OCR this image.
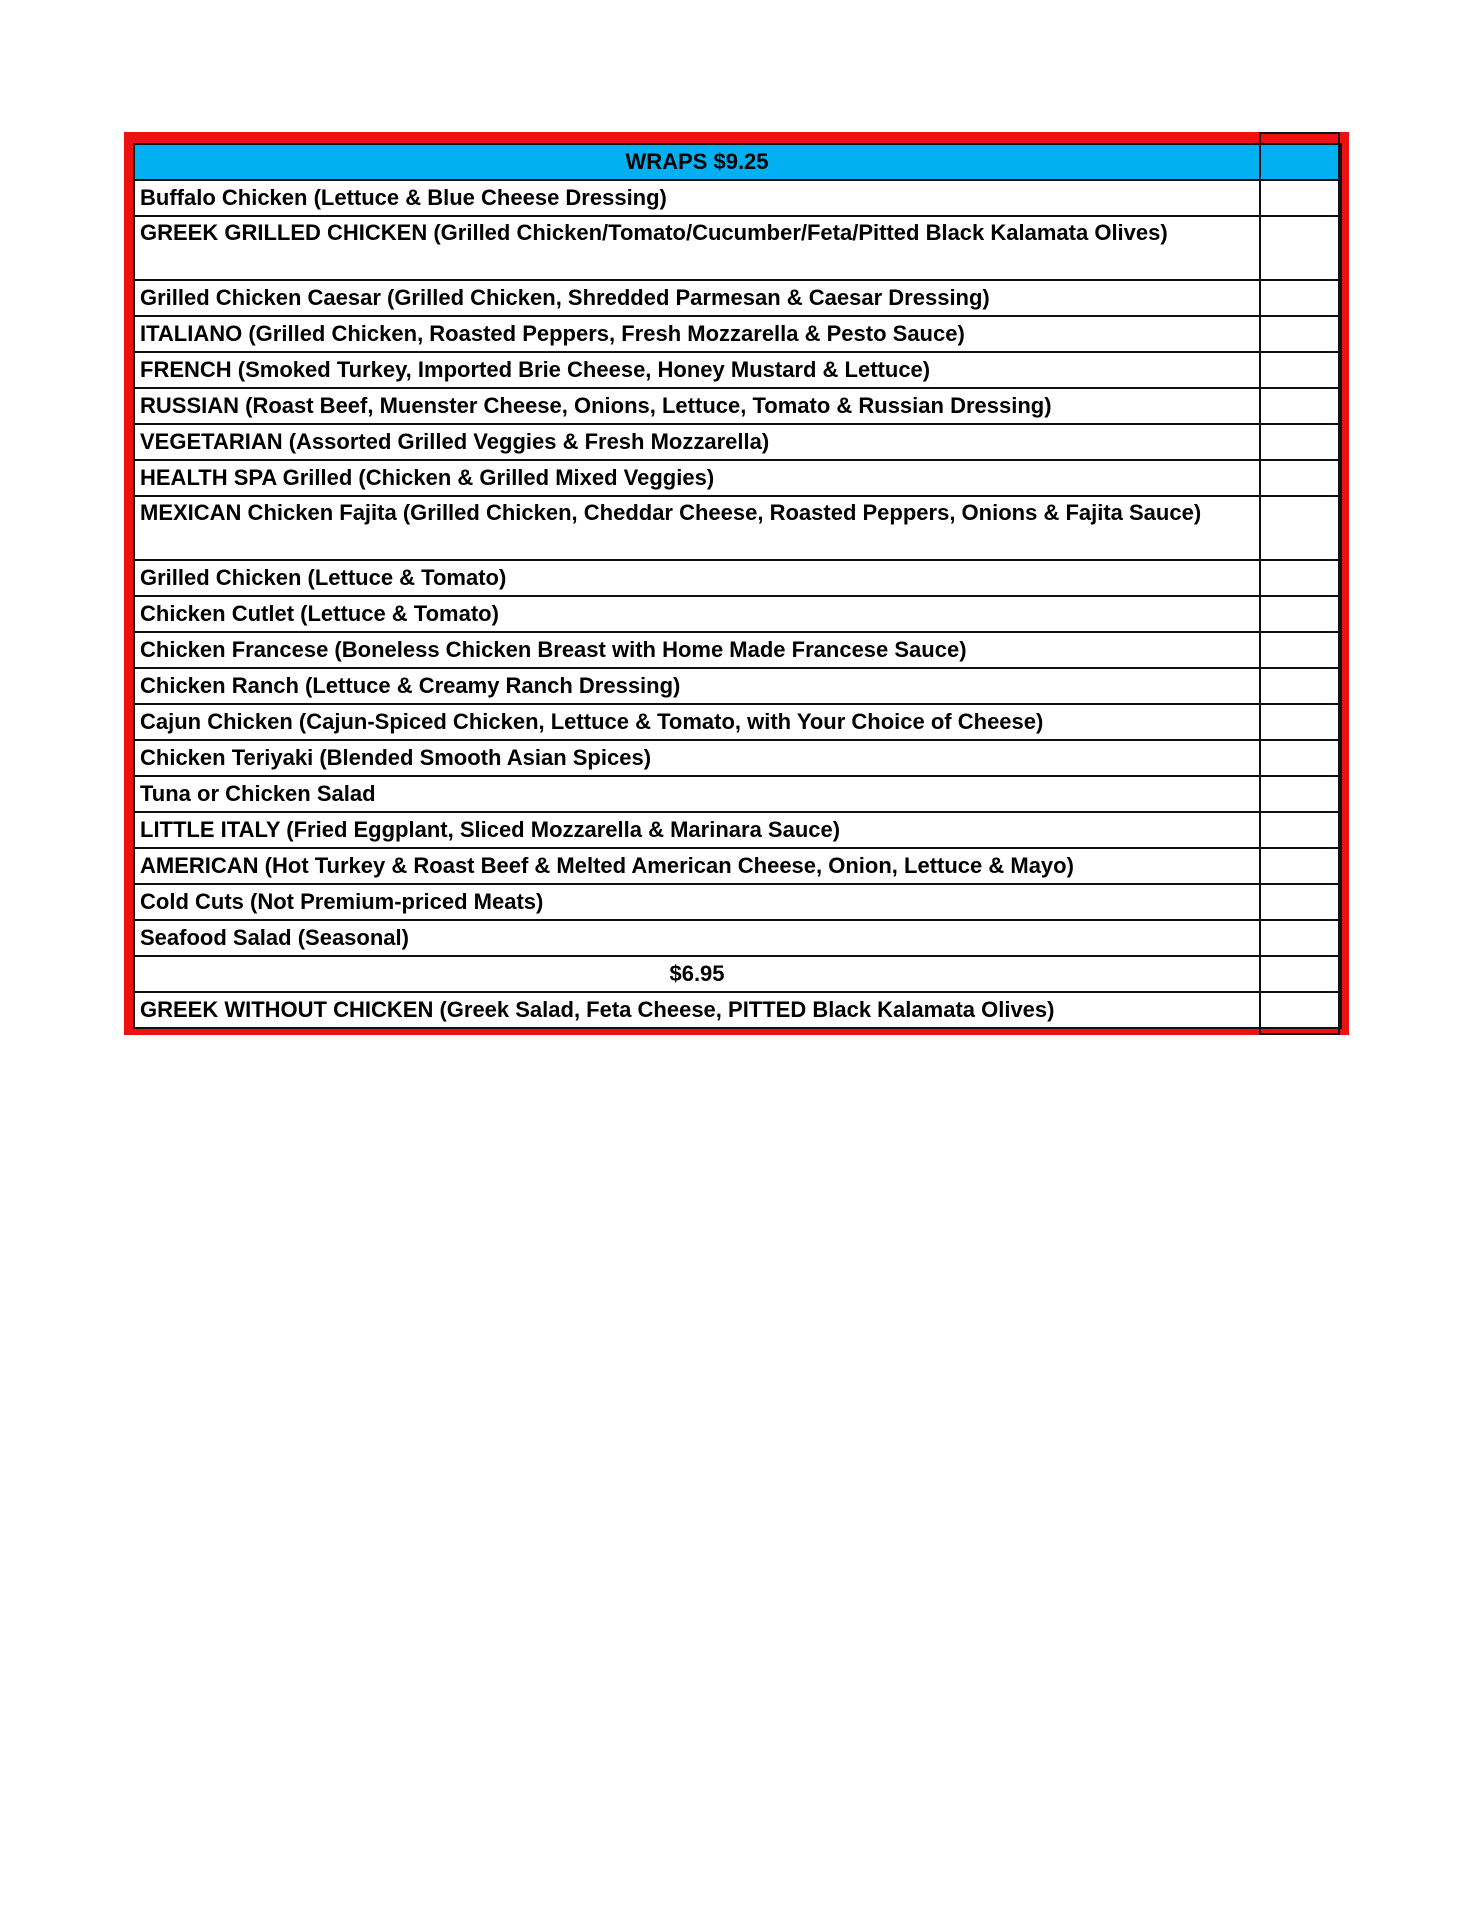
WRAPS $9.25	
Buffalo Chicken (Lettuce & Blue Cheese Dressing)	
GREEK GRILLED CHICKEN (Grilled Chicken/Tomato/Cucumber/Feta/Pitted Black Kalamata Olives)	
Grilled Chicken Caesar (Grilled Chicken, Shredded Parmesan & Caesar Dressing)	
ITALIANO (Grilled Chicken, Roasted Peppers, Fresh Mozzarella & Pesto Sauce)	
FRENCH (Smoked Turkey, Imported Brie Cheese, Honey Mustard & Lettuce)	
RUSSIAN (Roast Beef, Muenster Cheese, Onions, Lettuce, Tomato & Russian Dressing)	
VEGETARIAN (Assorted Grilled Veggies & Fresh Mozzarella)	
HEALTH SPA Grilled (Chicken & Grilled Mixed Veggies)	
MEXICAN Chicken Fajita (Grilled Chicken, Cheddar Cheese, Roasted Peppers, Onions & Fajita Sauce)	
Grilled Chicken (Lettuce & Tomato)	
Chicken Cutlet (Lettuce & Tomato)	
Chicken Francese (Boneless Chicken Breast with Home Made Francese Sauce)	
Chicken Ranch (Lettuce & Creamy Ranch Dressing)	
Cajun Chicken (Cajun-Spiced Chicken, Lettuce & Tomato, with Your Choice of Cheese)	
Chicken Teriyaki (Blended Smooth Asian Spices)	
Tuna or Chicken Salad	
LITTLE ITALY (Fried Eggplant, Sliced Mozzarella & Marinara Sauce)	
AMERICAN (Hot Turkey & Roast Beef & Melted American Cheese, Onion, Lettuce & Mayo)	
Cold Cuts (Not Premium-priced Meats)	
Seafood Salad (Seasonal)	
$6.95	
GREEK WITHOUT CHICKEN (Greek Salad, Feta Cheese, PITTED Black Kalamata Olives)	
